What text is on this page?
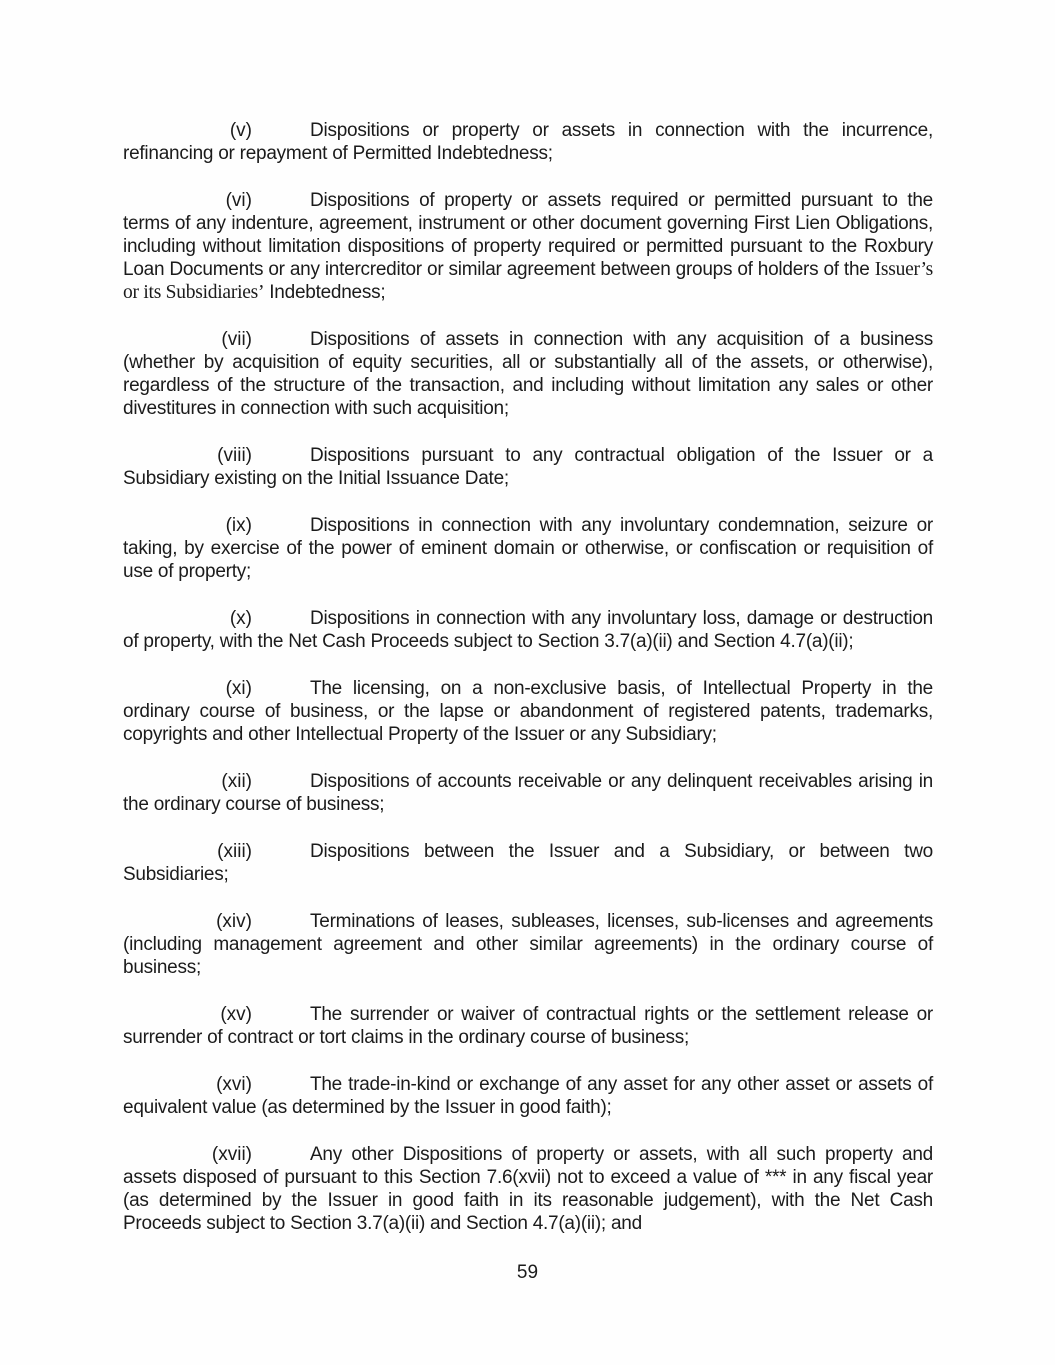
(v)	Dispositions or property or assets in connection with the incurrence, refinancing or repayment of Permitted Indebtedness;

(vi)	Dispositions of property or assets required or permitted pursuant to the terms of any indenture, agreement, instrument or other document governing First Lien Obligations, including without limitation dispositions of property required or permitted pursuant to the Roxbury Loan Documents or any intercreditor or similar agreement between groups of holders of the Issuer’s or its Subsidiaries’ Indebtedness;

(vii)	Dispositions of assets in connection with any acquisition of a business (whether by acquisition of equity securities, all or substantially all of the assets, or otherwise), regardless of the structure of the transaction, and including without limitation any sales or other divestitures in connection with such acquisition;

(viii)	Dispositions pursuant to any contractual obligation of the Issuer or a Subsidiary existing on the Initial Issuance Date;

(ix)	Dispositions in connection with any involuntary condemnation, seizure or taking, by exercise of the power of eminent domain or otherwise, or confiscation or requisition of use of property;

(x)	Dispositions in connection with any involuntary loss, damage or destruction of property, with the Net Cash Proceeds subject to Section 3.7(a)(ii) and Section 4.7(a)(ii);

(xi)	The licensing, on a non-exclusive basis, of Intellectual Property in the ordinary course of business, or the lapse or abandonment of registered patents, trademarks, copyrights and other Intellectual Property of the Issuer or any Subsidiary;

(xii)	Dispositions of accounts receivable or any delinquent receivables arising in the ordinary course of business;

(xiii)	Dispositions between the Issuer and a Subsidiary, or between two Subsidiaries;

(xiv)	Terminations of leases, subleases, licenses, sub-licenses and agreements (including management agreement and other similar agreements) in the ordinary course of business;

(xv)	The surrender or waiver of contractual rights or the settlement release or surrender of contract or tort claims in the ordinary course of business;

(xvi)	The trade-in-kind or exchange of any asset for any other asset or assets of equivalent value (as determined by the Issuer in good faith);

(xvii)	Any other Dispositions of property or assets, with all such property and assets disposed of pursuant to this Section 7.6(xvii) not to exceed a value of *** in any fiscal year (as determined by the Issuer in good faith in its reasonable judgement), with the Net Cash Proceeds subject to Section 3.7(a)(ii) and Section 4.7(a)(ii); and

59
